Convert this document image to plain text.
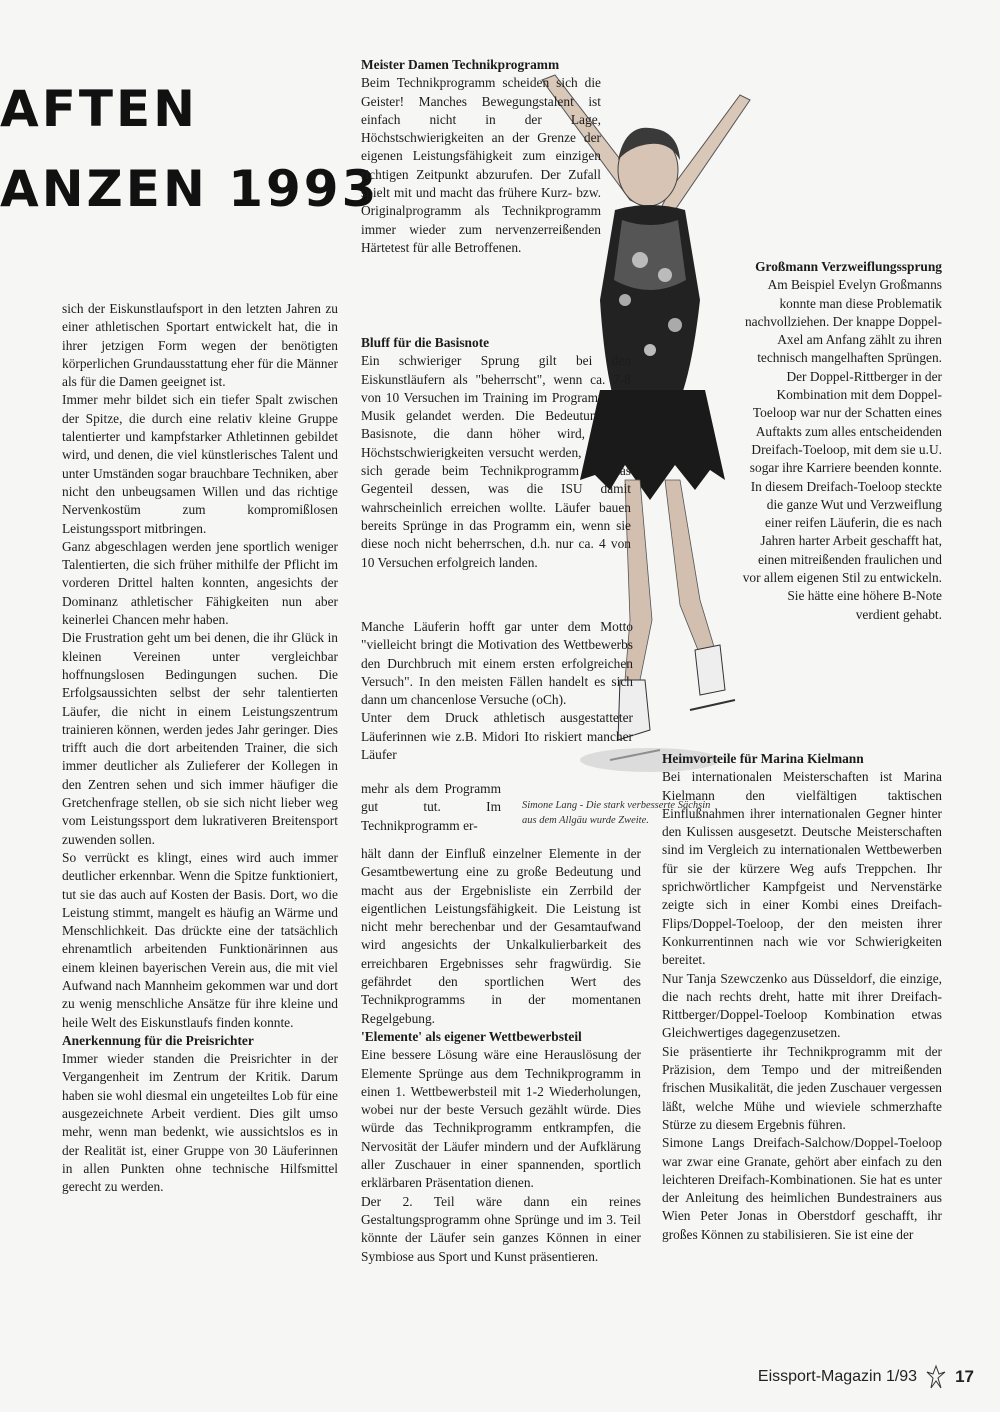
AFTEN
ANZEN 1993

sich der Eiskunstlaufsport in den letzten Jahren zu einer athletischen Sportart entwickelt hat, die in ihrer jetzigen Form wegen der benötigten körperlichen Grundausstattung eher für die Männer als für die Damen geeignet ist.

Immer mehr bildet sich ein tiefer Spalt zwischen der Spitze, die durch eine relativ kleine Gruppe talentierter und kampfstarker Athletinnen gebildet wird, und denen, die viel künstlerisches Talent und unter Umständen sogar brauchbare Techniken, aber nicht den unbeugsamen Willen und das richtige Nervenkostüm zum kompromißlosen Leistungssport mitbringen.

Ganz abgeschlagen werden jene sportlich weniger Talentierten, die sich früher mithilfe der Pflicht im vorderen Drittel halten konnten, angesichts der Dominanz athletischer Fähigkeiten nun aber keinerlei Chancen mehr haben.

Die Frustration geht um bei denen, die ihr Glück in kleinen Vereinen unter vergleichbar hoffnungslosen Bedingungen suchen. Die Erfolgsaussichten selbst der sehr talentierten Läufer, die nicht in einem Leistungszentrum trainieren können, werden jedes Jahr geringer. Dies trifft auch die dort arbeitenden Trainer, die sich immer deutlicher als Zulieferer der Kollegen in den Zentren sehen und sich immer häufiger die Gretchenfrage stellen, ob sie sich nicht lieber weg vom Leistungssport dem lukrativeren Breitensport zuwenden sollen.

So verrückt es klingt, eines wird auch immer deutlicher erkennbar. Wenn die Spitze funktioniert, tut sie das auch auf Kosten der Basis. Dort, wo die Leistung stimmt, mangelt es häufig an Wärme und Menschlichkeit. Das drückte eine der tatsächlich ehrenamtlich arbeitenden Funktionärinnen aus einem kleinen bayerischen Verein aus, die mit viel Aufwand nach Mannheim gekommen war und dort zu wenig menschliche Ansätze für ihre kleine und heile Welt des Eiskunstlaufs finden konnte.

Anerkennung für die Preisrichter

Immer wieder standen die Preisrichter in der Vergangenheit im Zentrum der Kritik. Darum haben sie wohl diesmal ein ungeteiltes Lob für eine ausgezeichnete Arbeit verdient. Dies gilt umso mehr, wenn man bedenkt, wie aussichtslos es in der Realität ist, einer Gruppe von 30 Läuferinnen in allen Punkten ohne technische Hilfsmittel gerecht zu werden.

Meister Damen Technikprogramm

Beim Technikprogramm scheiden sich die Geister! Manches Bewegungstalent ist einfach nicht in der Lage, Höchstschwierigkeiten an der Grenze der eigenen Leistungsfähigkeit zum einzigen richtigen Zeitpunkt abzurufen. Der Zufall spielt mit und macht das frühere Kurz- bzw. Originalprogramm als Technikprogramm immer wieder zum nervenzerreißenden Härtetest für alle Betroffenen.

Bluff für die Basisnote

Ein schwieriger Sprung gilt bei den Eiskunstläufern als "beherrscht", wenn ca. 7-8 von 10 Versuchen im Training im Programm mit Musik gelandet werden. Die Bedeutung der Basisnote, die dann höher wird, wenn Höchstschwierigkeiten versucht werden, verkehrt sich gerade beim Technikprogramm in das Gegenteil dessen, was die ISU damit wahrscheinlich erreichen wollte. Läufer bauen bereits Sprünge in das Programm ein, wenn sie diese noch nicht beherrschen, d.h. nur ca. 4 von 10 Versuchen erfolgreich landen.

Manche Läuferin hofft gar unter dem Motto "vielleicht bringt die Motivation des Wettbewerbs den Durchbruch mit einem ersten erfolgreichen Versuch". In den meisten Fällen handelt es sich dann um chancenlose Versuche (oCh).

Unter dem Druck athletisch ausgestatteter Läuferinnen wie z.B. Midori Ito riskiert mancher Läufer

mehr als dem Programm gut tut. Im Technikprogramm er-

Simone Lang - Die stark verbesserte Sächsin aus dem Allgäu wurde Zweite.

hält dann der Einfluß einzelner Elemente in der Gesamtbewertung eine zu große Bedeutung und macht aus der Ergebnisliste ein Zerrbild der eigentlichen Leistungsfähigkeit. Die Leistung ist nicht mehr berechenbar und der Gesamtaufwand wird angesichts der Unkalkulierbarkeit des erreichbaren Ergebnisses sehr fragwürdig. Sie gefährdet den sportlichen Wert des Technikprogramms in der momentanen Regelgebung.

'Elemente' als eigener Wettbewerbsteil

Eine bessere Lösung wäre eine Herauslösung der Elemente Sprünge aus dem Technikprogramm in einen 1. Wettbewerbsteil mit 1-2 Wiederholungen, wobei nur der beste Versuch gezählt würde. Dies würde das Technikprogramm entkrampfen, die Nervosität der Läufer mindern und der Aufklärung aller Zuschauer in einer spannenden, sportlich erklärbaren Präsentation dienen.

Der 2. Teil wäre dann ein reines Gestaltungsprogramm ohne Sprünge und im 3. Teil könnte der Läufer sein ganzes Können in einer Symbiose aus Sport und Kunst präsentieren.

Großmann Verzweiflungssprung

Am Beispiel Evelyn Großmanns konnte man diese Problematik nachvollziehen. Der knappe Doppel-Axel am Anfang zählt zu ihren technisch mangelhaften Sprüngen. Der Doppel-Rittberger in der Kombination mit dem Doppel-Toeloop war nur der Schatten eines Auftakts zum alles entscheidenden Dreifach-Toeloop, mit dem sie u.U. sogar ihre Karriere beenden konnte. In diesem Dreifach-Toeloop steckte die ganze Wut und Verzweiflung einer reifen Läuferin, die es nach Jahren harter Arbeit geschafft hat, einen mitreißenden fraulichen und vor allem eigenen Stil zu entwickeln. Sie hätte eine höhere B-Note verdient gehabt.

Heimvorteile für Marina Kielmann

Bei internationalen Meisterschaften ist Marina Kielmann den vielfältigen taktischen Einflußnahmen ihrer internationalen Gegner hinter den Kulissen ausgesetzt. Deutsche Meisterschaften sind im Vergleich zu internationalen Wettbewerben für sie der kürzere Weg aufs Treppchen. Ihr sprichwörtlicher Kampfgeist und Nervenstärke zeigte sich in einer Kombi eines Dreifach-Flips/Doppel-Toeloop, der den meisten ihrer Konkurrentinnen nach wie vor Schwierigkeiten bereitet.

Nur Tanja Szewczenko aus Düsseldorf, die einzige, die nach rechts dreht, hatte mit ihrer Dreifach-Rittberger/Doppel-Toeloop Kombination etwas Gleichwertiges dagegenzusetzen.

Sie präsentierte ihr Technikprogramm mit der Präzision, dem Tempo und der mitreißenden frischen Musikalität, die jeden Zuschauer vergessen läßt, welche Mühe und wieviele schmerzhafte Stürze zu diesem Ergebnis führen.

Simone Langs Dreifach-Salchow/Doppel-Toeloop war zwar eine Granate, gehört aber einfach zu den leichteren Dreifach-Kombinationen. Sie hat es unter der Anleitung des heimlichen Bundestrainers aus Wien Peter Jonas in Oberstdorf geschafft, ihr großes Können zu stabilisieren. Sie ist eine der

Eissport-Magazin 1/93 17
